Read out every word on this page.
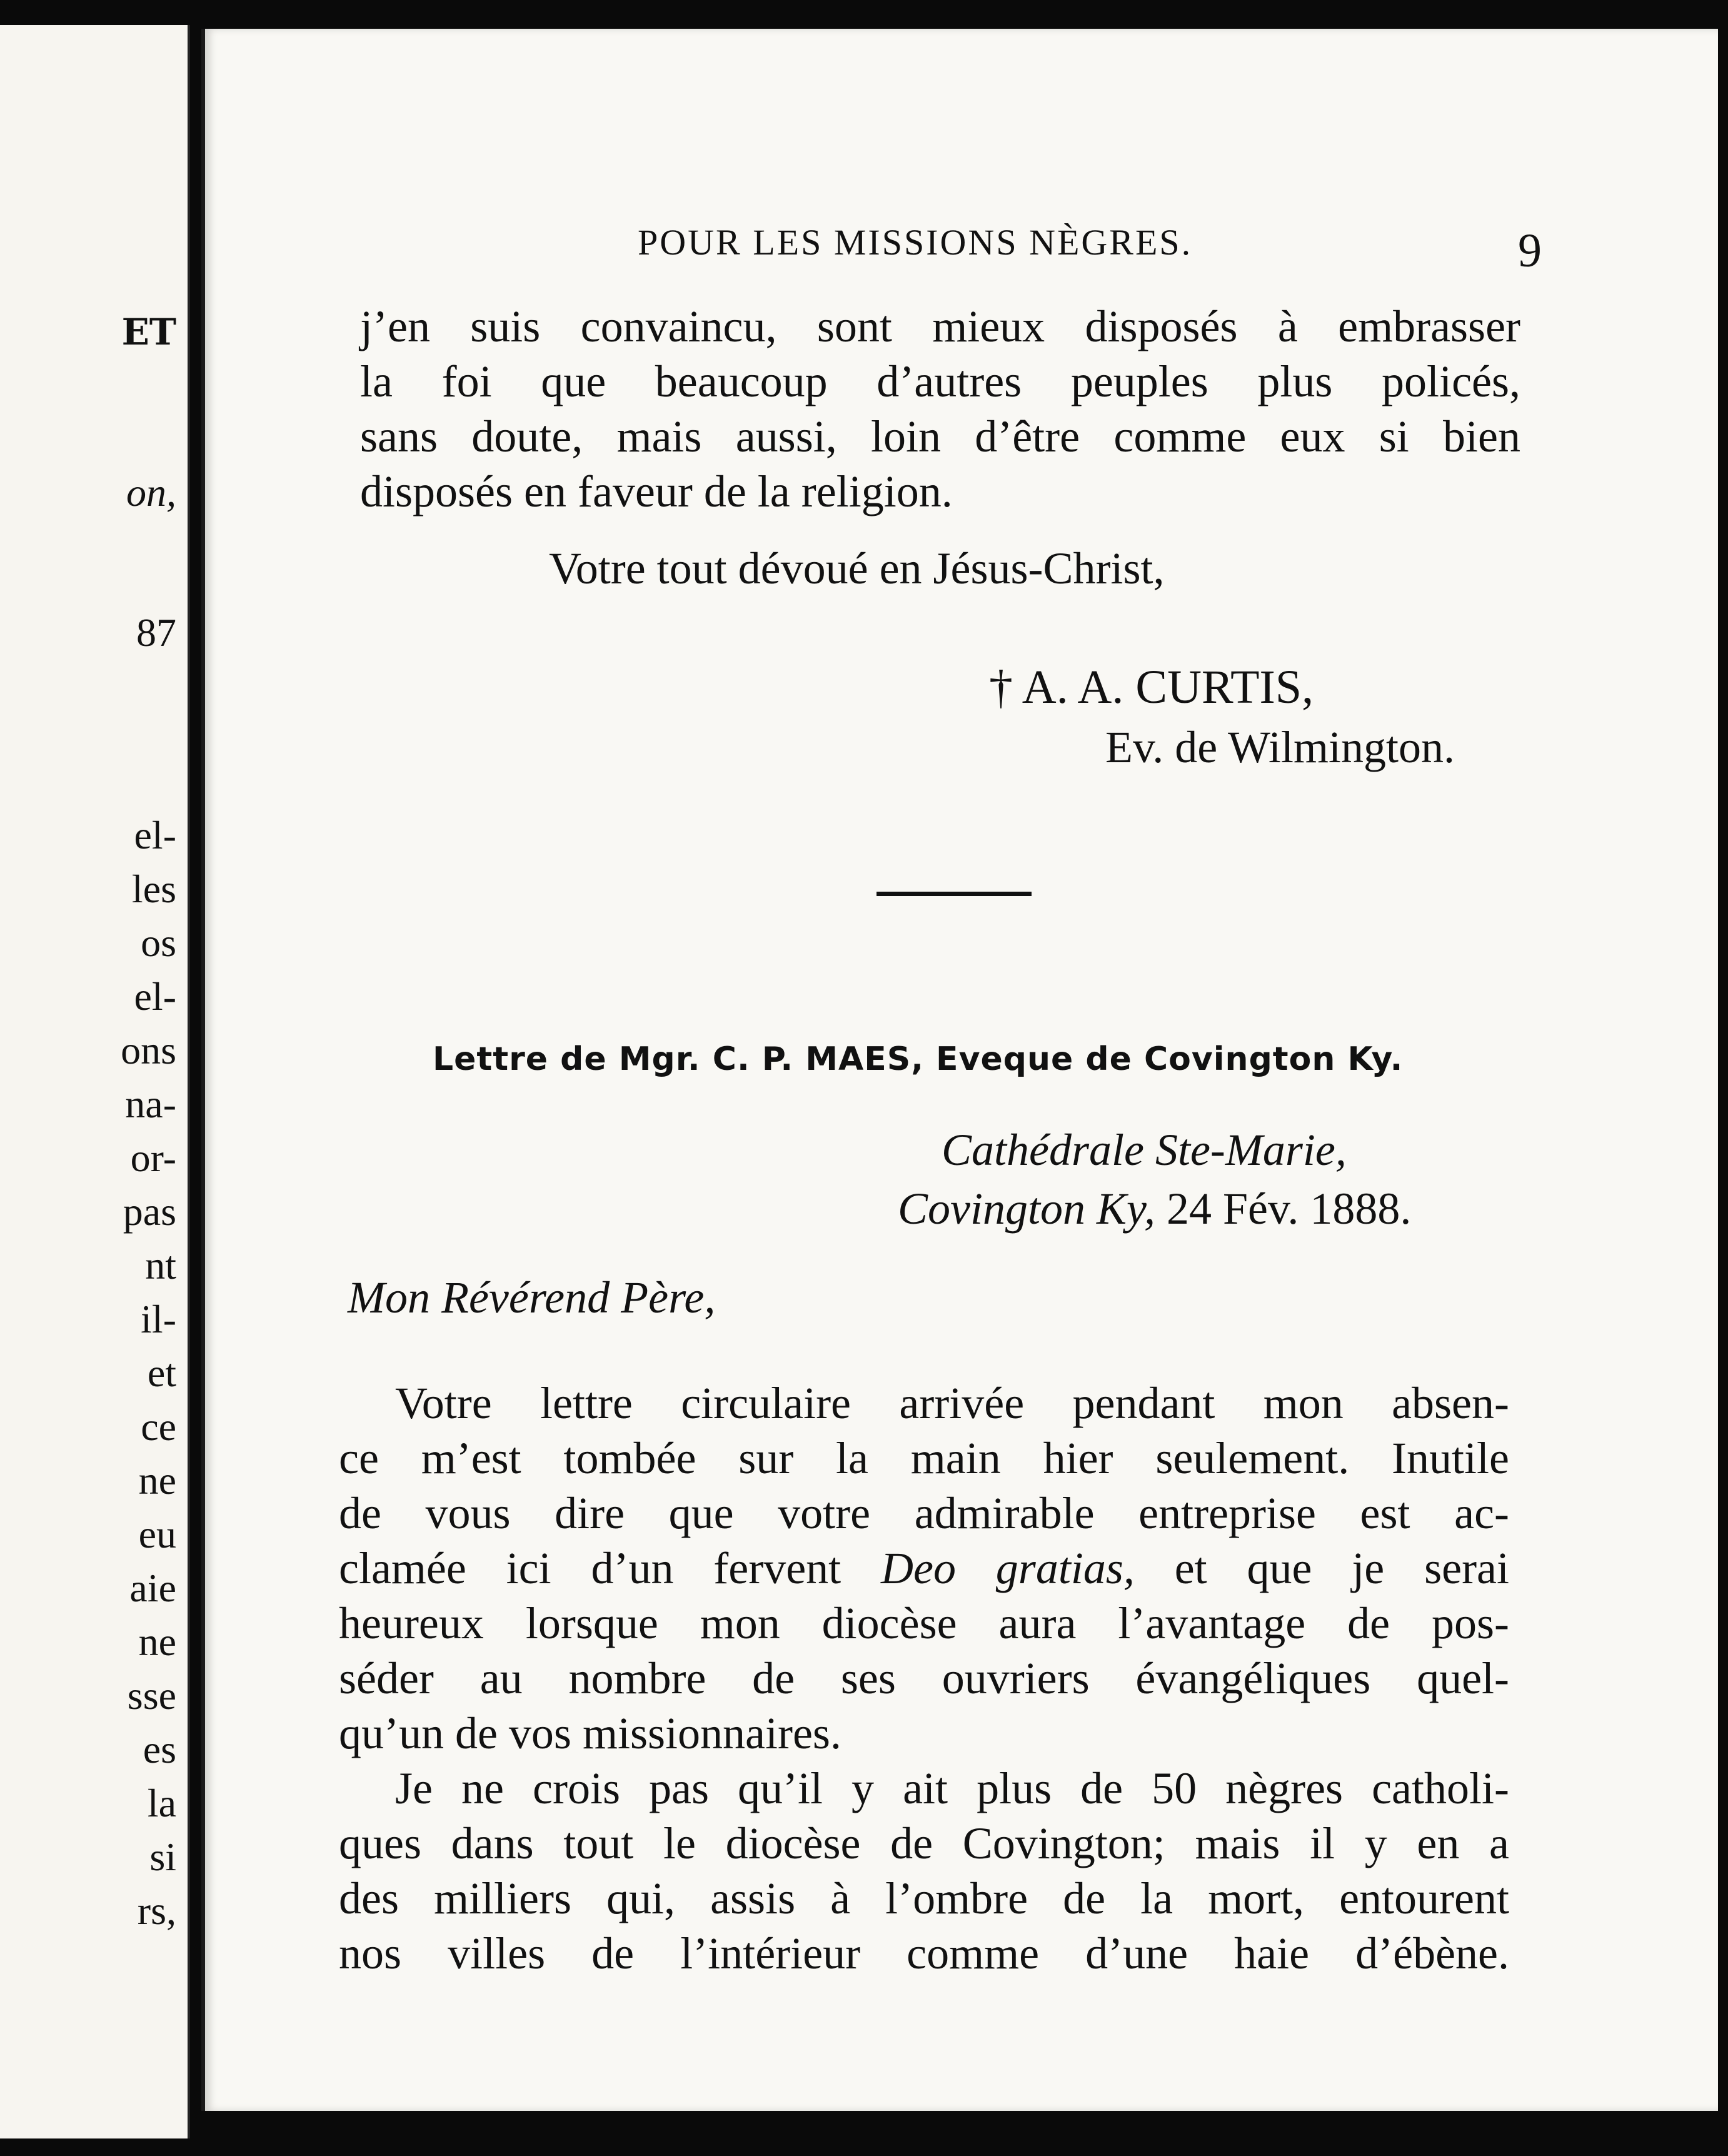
ET
on,
87
el-
les
os
el-
ons
na-
or-
pas
nt
il-
et
ce
ne
eu
aie
ne
sse
es
la
si
rs,
POUR LES MISSIONS NÈGRES.	9
j’en suis convaincu, sont mieux disposés à embrasser
la foi que beaucoup d’autres peuples plus policés,
sans doute, mais aussi, loin d’être comme eux si bien
disposés en faveur de la religion.
Votre tout dévoué en Jésus-Christ,
† A. A. CURTIS,
Ev. de Wilmington.
Lettre de Mgr. C. P. MAES, Eveque de Covington Ky.
Cathédrale Ste-Marie,
Covington Ky, 24 Fév. 1888.
Mon Révérend Père,
Votre lettre circulaire arrivée pendant mon absen-
ce m’est tombée sur la main hier seulement. Inutile
de vous dire que votre admirable entreprise est ac-
clamée ici d’un fervent Deo gratias, et que je serai
heureux lorsque mon diocèse aura l’avantage de pos-
séder au nombre de ses ouvriers évangéliques quel-
qu’un de vos missionnaires.
Je ne crois pas qu’il y ait plus de 50 nègres catholi-
ques dans tout le diocèse de Covington; mais il y en a
des milliers qui, assis à l’ombre de la mort, entourent
nos villes de l’intérieur comme d’une haie d’ébène.
